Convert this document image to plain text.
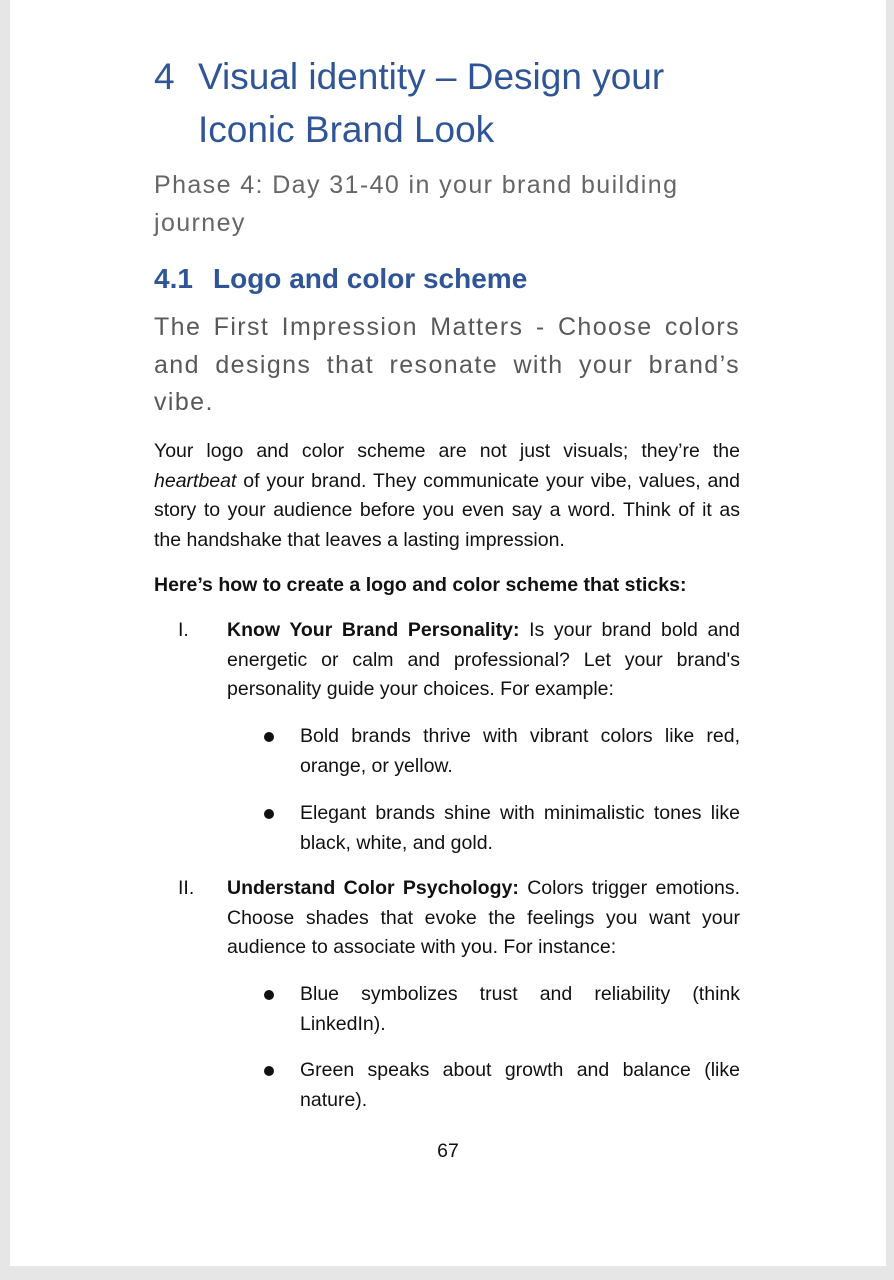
4 Visual identity – Design your
Iconic Brand Look

Phase 4: Day 31-40 in your brand building journey

4.1 Logo and color scheme

The First Impression Matters - Choose colors and designs that resonate with your brand’s vibe.

Your logo and color scheme are not just visuals; they’re the heartbeat of your brand. They communicate your vibe, values, and story to your audience before you even say a word. Think of it as the handshake that leaves a lasting impression.

Here’s how to create a logo and color scheme that sticks:

I. Know Your Brand Personality: Is your brand bold and energetic or calm and professional? Let your brand's personality guide your choices. For example:

Bold brands thrive with vibrant colors like red, orange, or yellow.

Elegant brands shine with minimalistic tones like black, white, and gold.

II. Understand Color Psychology: Colors trigger emotions. Choose shades that evoke the feelings you want your audience to associate with you. For instance:

Blue symbolizes trust and reliability (think LinkedIn).

Green speaks about growth and balance (like nature).

67
